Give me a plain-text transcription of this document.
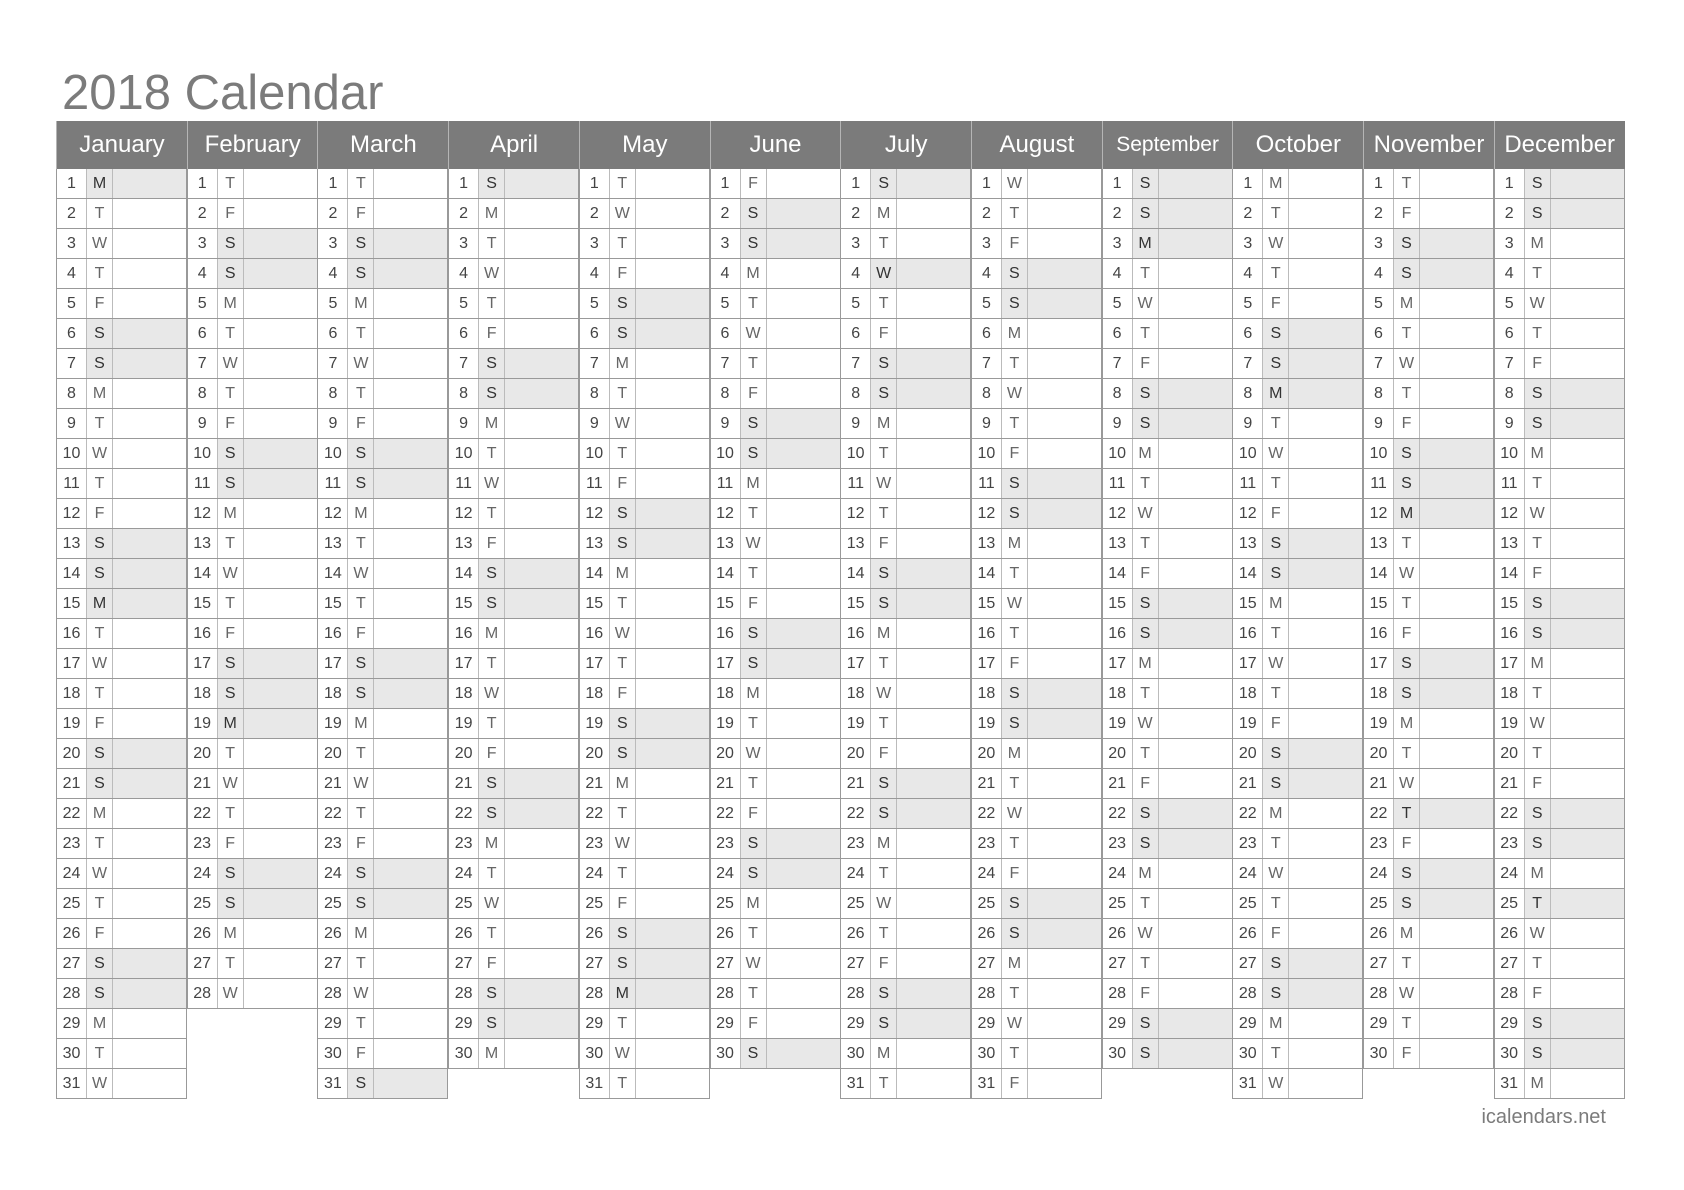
2018 Calendar
January
1	M
2	T
3 W
4	T
5	F
6	S
7	S
8	M
9	T
10 W
11 T
12 F
13 S
14 S
15 M
16 T
17 W
18 T
19 F
20 S
21 S
22 M
23 T
24 W
25 T
26 F
27 S
28 S
29 M
30 T
31 W
February
1	T
2	F
3	S
4	S
5	M
6	T
7 W
8	T
9	F
10 S
11 S
12 M
13 T
14 W
15 T
16 F
17 S
18 S
19 M
20 T
21 W
22 T
23 F
24 S
25 S
26 M
27 T
28 W
March
1	T
2	F
3	S
4	S
5	M
6	T
7 W
8	T
9	F
10 S
11 S
12 M
13 T
14 W
15 T
16 F
17 S
18 S
19 M
20 T
21 W
22 T
23 F
24 S
25 S
26 M
27 T
28 W
29 T
30 F
31 S
April
1	S
2	M
3	T
4 W
5	T
6	F
7	S
8	S
9	M
10 T
11 W
12 T
13 F
14 S
15 S
16 M
17 T
18 W
19 T
20 F
21 S
22 S
23 M
24 T
25 W
26 T
27 F
28 S
29 S
30 M
May
1	T
2 W
3	T
4	F
5	S
6	S
7	M
8	T
9 W
10 T
11 F
12 S
13 S
14 M
15 T
16 W
17 T
18 F
19 S
20 S
21 M
22 T
23 W
24 T
25 F
26 S
27 S
28 M
29 T
30 W
31 T
June
1	F
2	S
3	S
4	M
5	T
6 W
7	T
8	F
9	S
10 S
11 M
12 T
13 W
14 T
15 F
16 S
17 S
18 M
19 T
20 W
21 T
22 F
23 S
24 S
25 M
26 T
27 W
28 T
29 F
30 S
July
1	S
2	M
3	T
4 W
5	T
6	F
7	S
8	S
9	M
10 T
11 W
12 T
13 F
14 S
15 S
16 M
17 T
18 W
19 T
20 F
21 S
22 S
23 M
24 T
25 W
26 T
27 F
28 S
29 S
30 M
31 T
August
1 W
2	T
3	F
4	S
5	S
6	M
7	T
8 W
9	T
10 F
11 S
12 S
13 M
14 T
15 W
16 T
17 F
18 S
19 S
20 M
21 T
22 W
23 T
24 F
25 S
26 S
27 M
28 T
29 W
30 T
31 F
September
1	S
2	S
3	M
4	T
5 W
6	T
7	F
8	S
9	S
10 M
11 T
12 W
13 T
14 F
15 S
16 S
17 M
18 T
19 W
20 T
21 F
22 S
23 S
24 M
25 T
26 W
27 T
28 F
29 S
30 S
October
1	M
2	T
3 W
4	T
5	F
6	S
7	S
8	M
9	T
10 W
11 T
12 F
13 S
14 S
15 M
16 T
17 W
18 T
19 F
20 S
21 S
22 M
23 T
24 W
25 T
26 F
27 S
28 S
29 M
30 T
31 W
November
1	T
2	F
3	S
4	S
5	M
6	T
7 W
8	T
9	F
10 S
11 S
12 M
13 T
14 W
15 T
16 F
17 S
18 S
19 M
20 T
21 W
22 T
23 F
24 S
25 S
26 M
27 T
28 W
29 T
30 F
December
1	S
2	S
3	M
4	T
5 W
6	T
7	F
8	S
9	S
10 M
11 T
12 W
13 T
14 F
15 S
16 S
17 M
18 T
19 W
20 T
21 F
22 S
23 S
24 M
25 T
26 W
27 T
28 F
29 S
30 S
31 M
icalendars.net
